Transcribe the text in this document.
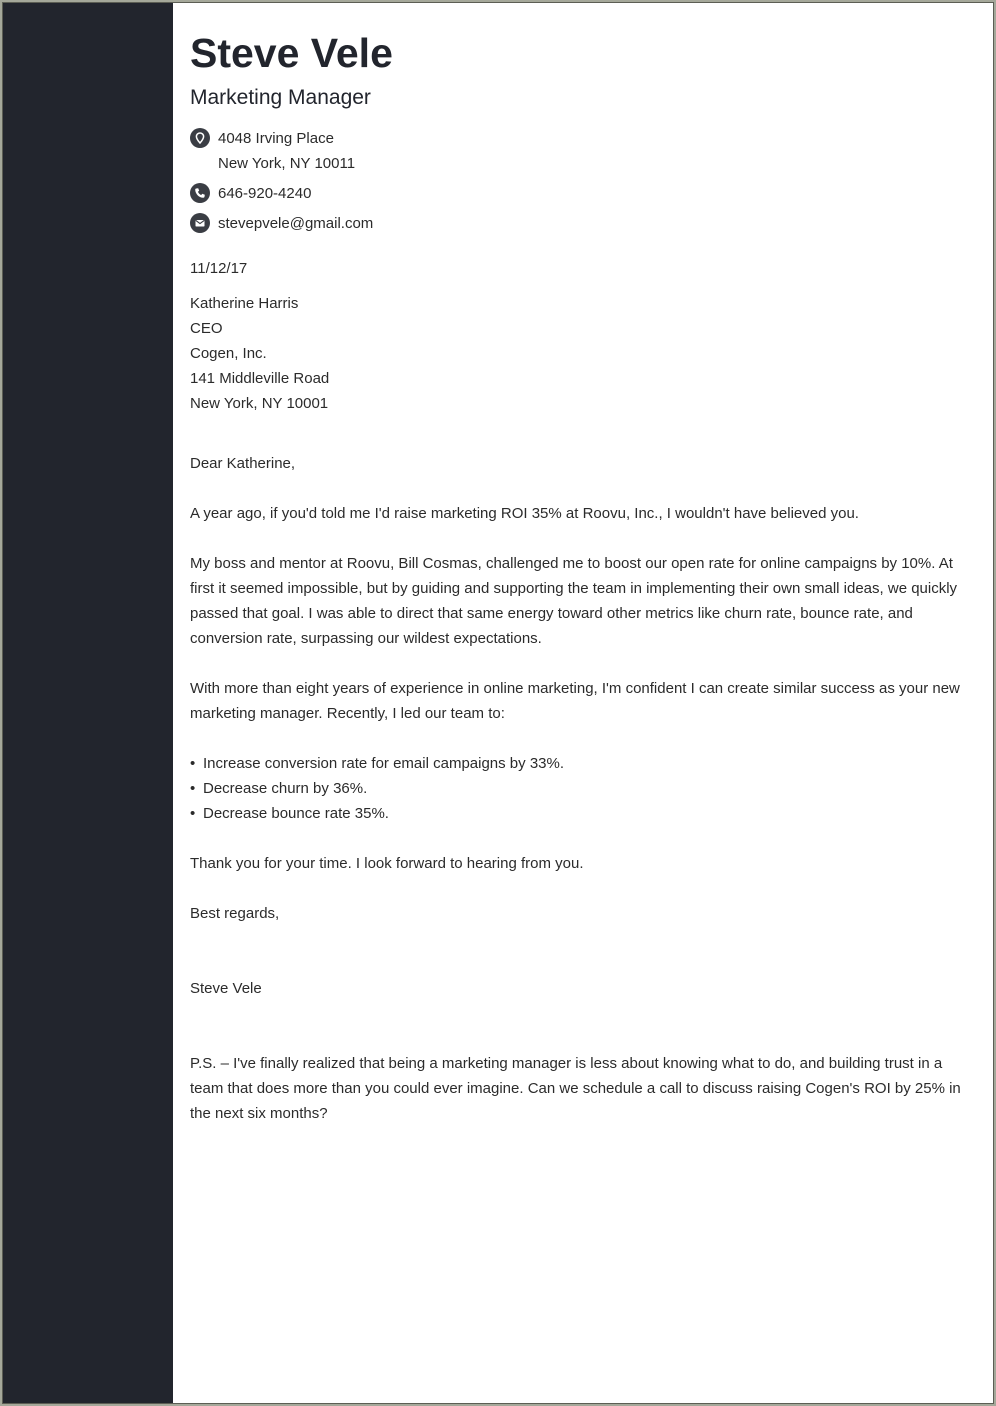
Steve Vele
Marketing Manager
4048 Irving Place
New York, NY 10011
646-920-4240
stevepvele@gmail.com
11/12/17
Katherine Harris
CEO
Cogen, Inc.
141 Middleville Road
New York, NY 10001

Dear Katherine,

A year ago, if you'd told me I'd raise marketing ROI 35% at Roovu, Inc., I wouldn't have believed you.

My boss and mentor at Roovu, Bill Cosmas, challenged me to boost our open rate for online campaigns by 10%. At first it seemed impossible, but by guiding and supporting the team in implementing their own small ideas, we quickly passed that goal. I was able to direct that same energy toward other metrics like churn rate, bounce rate, and conversion rate, surpassing our wildest expectations.

With more than eight years of experience in online marketing, I'm confident I can create similar success as your new marketing manager. Recently, I led our team to:

• Increase conversion rate for email campaigns by 33%.
• Decrease churn by 36%.
• Decrease bounce rate 35%.

Thank you for your time. I look forward to hearing from you.

Best regards,

Steve Vele

P.S. – I've finally realized that being a marketing manager is less about knowing what to do, and building trust in a team that does more than you could ever imagine. Can we schedule a call to discuss raising Cogen's ROI by 25% in the next six months?
